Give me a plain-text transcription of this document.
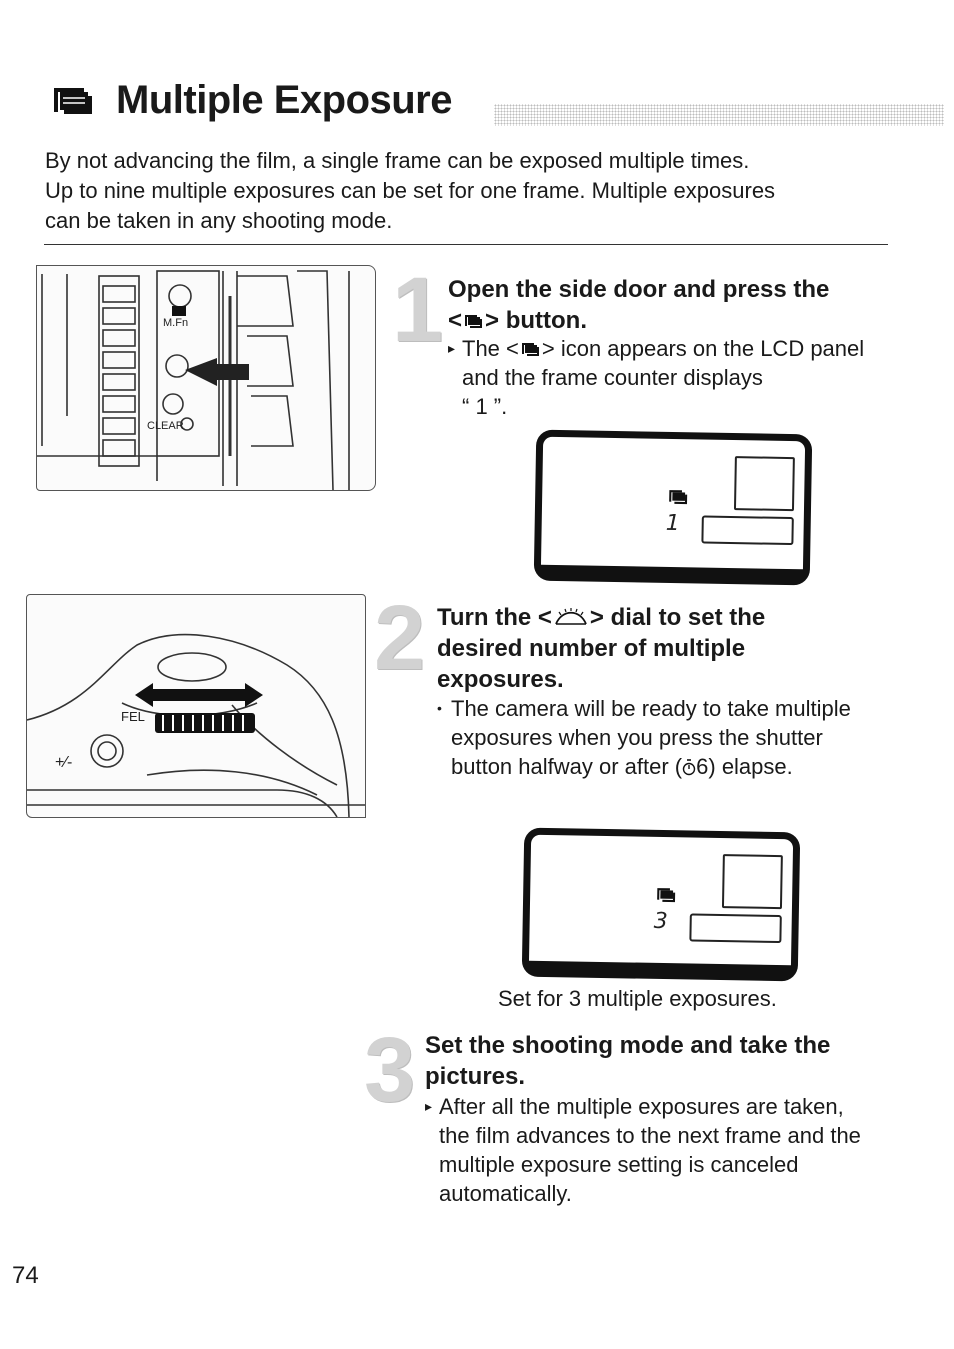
Multiple Exposure

By not advancing the film, a single frame can be exposed multiple times.
Up to nine multiple exposures can be set for one frame. Multiple exposures
can be taken in any shooting mode.

M.Fn
CLEAR
1 Open the side door and press the
< > button.
▸ The < > icon appears on the LCD panel and the frame counter displays
“ 1 ”.
1
FEL
+⁄-
2 Turn the < > dial to set the desired number of multiple exposures.
• The camera will be ready to take multiple exposures when you press the shutter button halfway or after ( 6) elapse.
3
Set for 3 multiple exposures.
3 Set the shooting mode and take the pictures.
▸ After all the multiple exposures are taken, the film advances to the next frame and the multiple exposure setting is canceled automatically.
74
